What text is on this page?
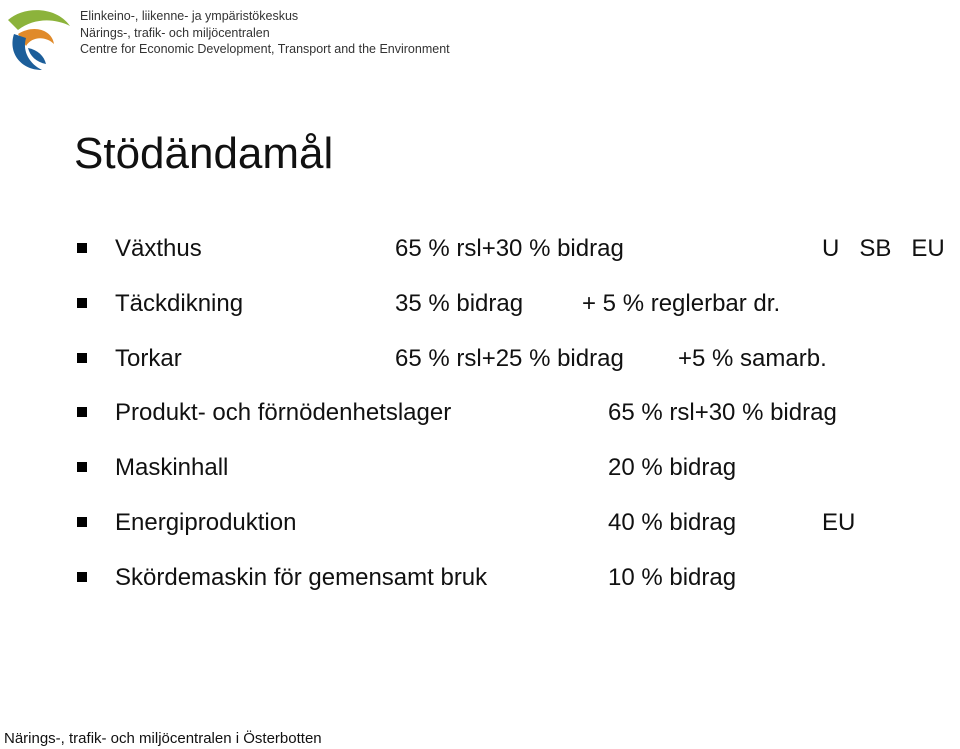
Elinkeino-, liikenne- ja ympäristökeskus
Närings-, trafik- och miljöcentralen
Centre for Economic Development, Transport and the Environment
Stödändamål
Växthus	65 % rsl+30 % bidrag	U   SB   EU
Täckdikning	35 % bidrag + 5 % reglerbar dr.
Torkar	65 % rsl+25 % bidrag +5 % samarb.
Produkt- och förnödenhetslager	65 % rsl+30 % bidrag
Maskinhall	20 % bidrag
Energiproduktion	40 % bidrag	EU
Skördemaskin för gemensamt bruk	10 % bidrag
Närings-, trafik- och miljöcentralen i Österbotten
